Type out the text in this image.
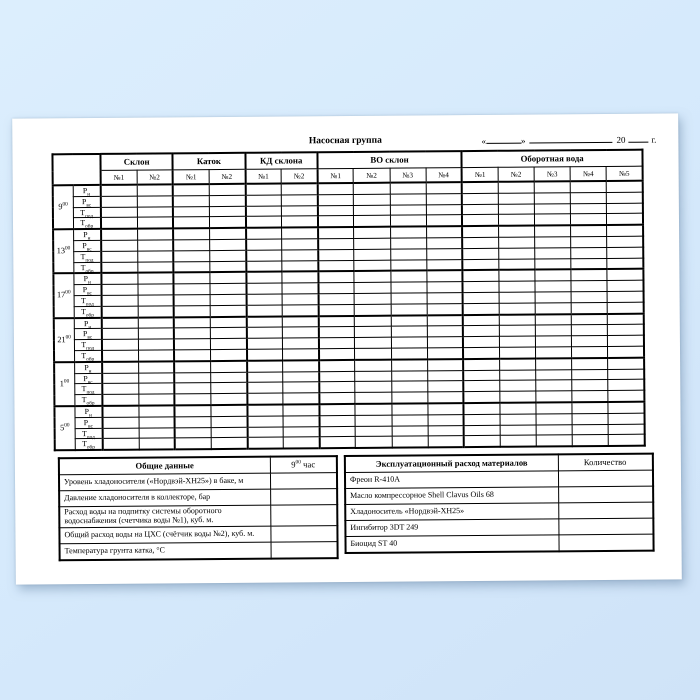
Насосная группа	«	»	20	г.
		Склон		Каток		КД склона		ВО склон				Оборотная вода				
		№1	№2	№1	№2	№1	№2	№1	№2	№3	№4	№1	№2	№3	№4	№5
$9^{00}$	$Р_н$															
	$Р_{вс}$															
	$Т_{под}$															
	$Т_{обр}$															
$13^{00}$	$Р_н$															
	$Р_{вс}$															
	$Т_{под}$															
	$Т_{обр}$															
$17^{00}$	$Р_н$															
	$Р_{вс}$															
	$Т_{под}$															
	$Т_{обр}$															
$21^{00}$	$Р_н$															
	$Р_{вс}$															
	$Т_{под}$															
	$Т_{обр}$															
$1^{00}$	$Р_н$															
	$Р_{вс}$															
	$Т_{под}$															
	$Т_{обр}$															
$5^{00}$	$Р_н$															
	$Р_{вс}$															
	$Т_{под}$															
	$Т_{обр}$															
Общие данные	$9^{00}$ час
Уровень хладоносителя («Нордвэй-ХН25») в баке, м	
Давление хладоносителя в коллекторе, бар	
Расход воды на подпитку системы оборотного водоснабжения (счетчика воды №1), куб. м.	
Общий расход воды на ЦХС (счётчик воды №2), куб. м.	
Температура грунта катка, °С	
Эксплуатационный расход материалов	Количество
Фреон R-410A	
Масло компрессорное Shell Clavus Oils 68	
Хладоноситель «Нордвэй-ХН25»	
Ингибитор 3DT 249	
Биоцид ST 40	
